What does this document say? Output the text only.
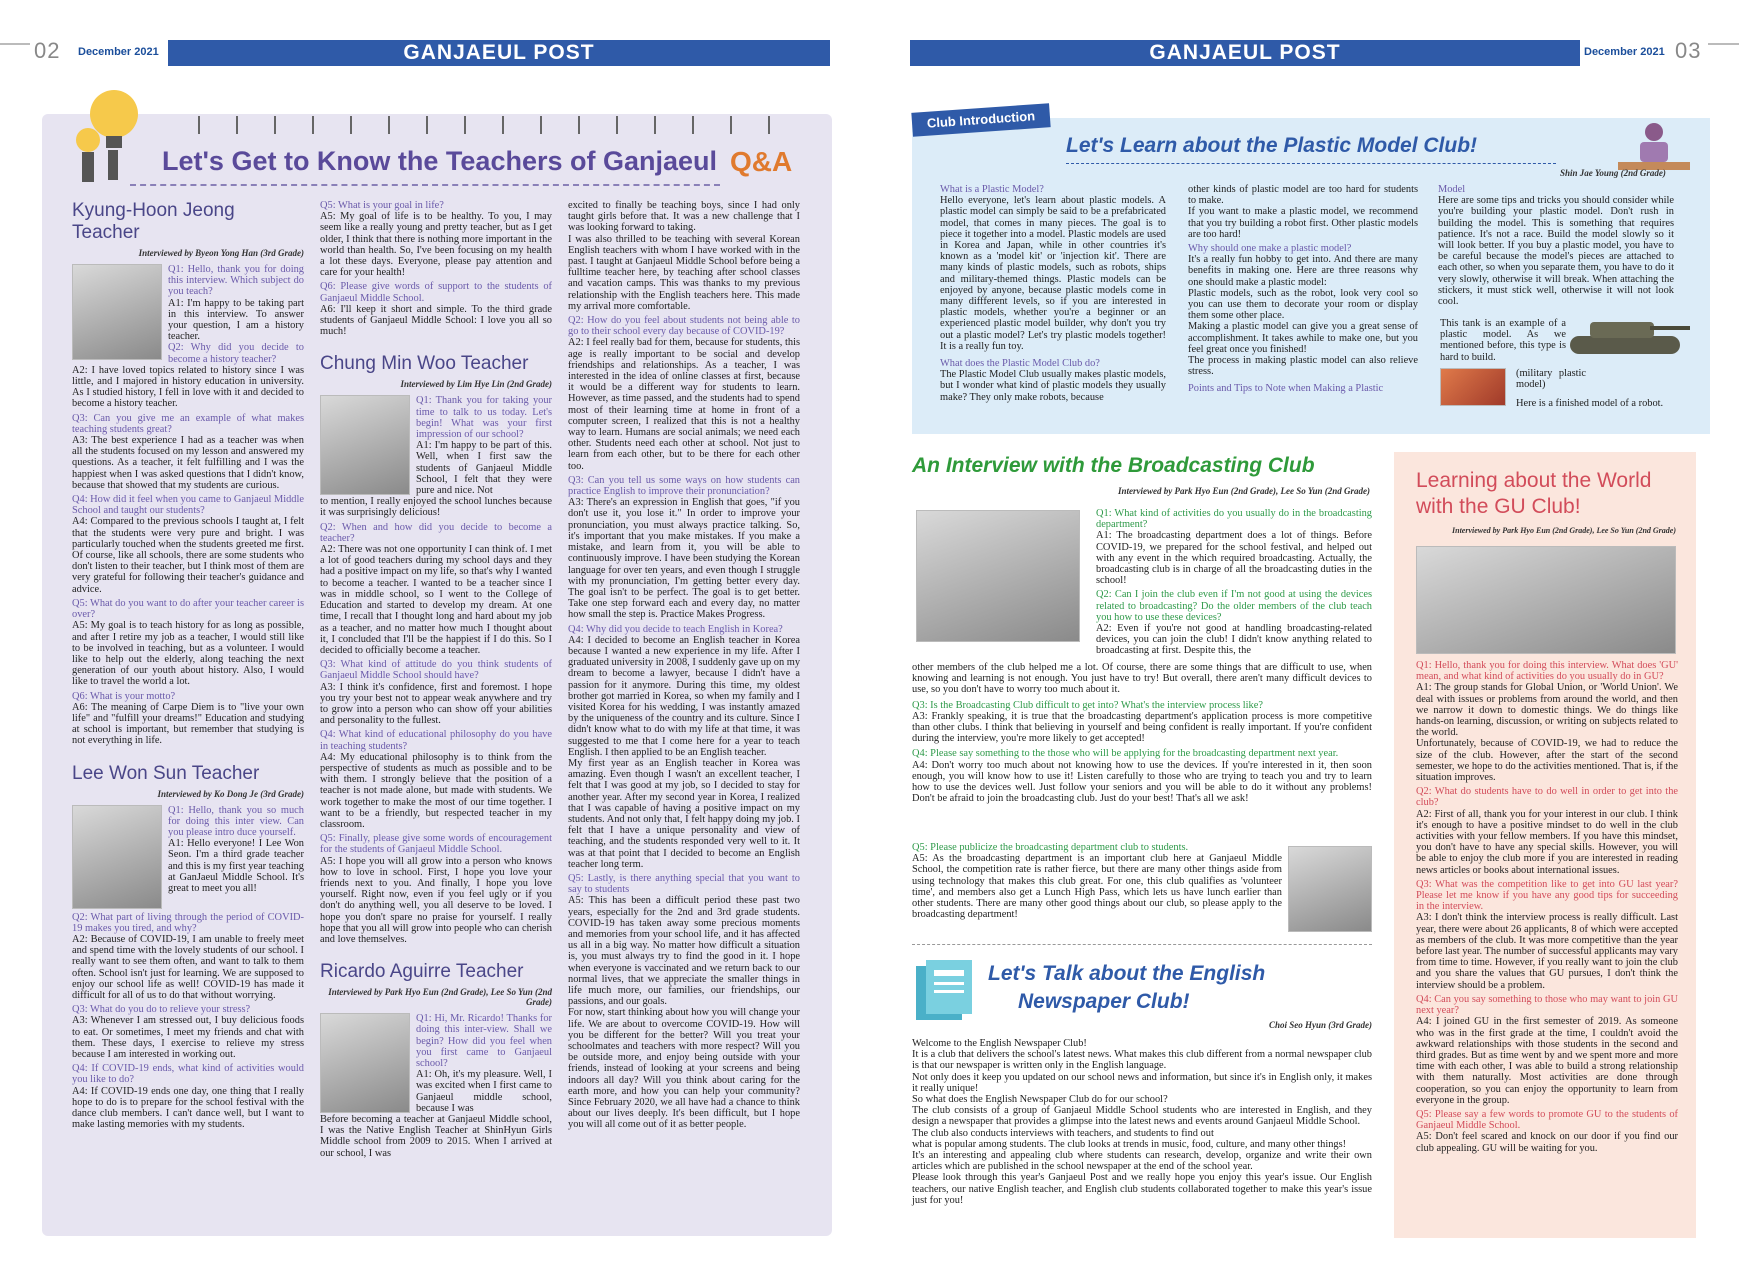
02 December 2021	GANJAEUL POST
Let's Get to Know the Teachers of Ganjaeul Q&A
Kyung-Hoon Jeong Teacher
Interviewed by Byeon Yong Han (3rd Grade)

Q1: Hello, thank you for doing this interview. Which subject do you teach?

A1: I'm happy to be taking part in this interview. To answer your question, I am a history teacher.

Q2: Why did you decide to become a history teacher?

A2: I have loved topics related to history since I was little, and I majored in history education in university. As I studied history, I fell in love with it and decided to become a history teacher.

Q3: Can you give me an example of what makes teaching students great?

A3: The best experience I had as a teacher was when all the students focused on my lesson and answered my questions. As a teacher, it felt fulfilling and I was the happiest when I was asked questions that I didn't know, because that showed that my students are curious.

Q4: How did it feel when you came to Ganjaeul Middle School and taught our students?

A4: Compared to the previous schools I taught at, I felt that the students were very pure and bright. I was particularly touched when the students greeted me first. Of course, like all schools, there are some students who don't listen to their teacher, but I think most of them are very grateful for following their teacher's guidance and advice.

Q5: What do you want to do after your teacher career is over?

A5: My goal is to teach history for as long as possible, and after I retire my job as a teacher, I would still like to be involved in teaching, but as a volunteer. I would like to help out the elderly, along teaching the next generation of our youth about history. Also, I would like to travel the world a lot.

Q6: What is your motto?

A6: The meaning of Carpe Diem is to "live your own life" and "fulfill your dreams!" Education and studying at school is important, but remember that studying is not everything in life.

Lee Won Sun Teacher
Interviewed by Ko Dong Je (3rd Grade)

Q1: Hello, thank you so much for doing this inter view. Can you please intro duce yourself.

A1: Hello everyone! I Lee Won Seon. I'm a third grade teacher and this is my first year teaching at GanJaeul Middle School. It's great to meet you all!

Q2: What part of living through the period of COVID-19 makes you tired, and why?

A2: Because of COVID-19, I am unable to freely meet and spend time with the lovely students of our school. I really want to see them often, and want to talk to them often. School isn't just for learning. We are supposed to enjoy our school life as well! COVID-19 has made it difficult for all of us to do that without worrying.

Q3: What do you do to relieve your stress?

A3: Whenever I am stressed out, I buy delicious foods to eat. Or sometimes, I meet my friends and chat with them. These days, I exercise to relieve my stress because I am interested in working out.

Q4: If COVID-19 ends, what kind of activities would you like to do?

A4: If COVID-19 ends one day, one thing that I really hope to do is to prepare for the school festival with the dance club members. I can't dance well, but I want to make lasting memories with my students.

Q5: What is your goal in life?

A5: My goal of life is to be healthy. To you, I may seem like a really young and pretty teacher, but as I get older, I think that there is nothing more important in the world than health. So, I've been focusing on my health a lot these days. Everyone, please pay attention and care for your health!

Q6: Please give words of support to the students of Ganjaeul Middle School.

A6: I'll keep it short and simple. To the third grade students of Ganjaeul Middle School: I love you all so much!

Chung Min Woo Teacher
Interviewed by Lim Hye Lin (2nd Grade)

Q1: Thank you for taking your time to talk to us today. Let's begin! What was your first impression of our school?

A1: I'm happy to be part of this. Well, when I first saw the students of Ganjaeul Middle School, I felt that they were pure and nice. Not

to mention, I really enjoyed the school lunches because it was surprisingly delicious!

Q2: When and how did you decide to become a teacher?

A2: There was not one opportunity I can think of. I met a lot of good teachers during my school days and they had a positive impact on my life, so that's why I wanted to become a teacher. I wanted to be a teacher since I was in middle school, so I went to the College of Education and started to develop my dream. At one time, I recall that I thought long and hard about my job as a teacher, and no matter how much I thought about it, I concluded that I'll be the happiest if I do this. So I decided to officially become a teacher.

Q3: What kind of attitude do you think students of Ganjaeul Middle School should have?

A3: I think it's confidence, first and foremost. I hope you try your best not to appear weak anywhere and try to grow into a person who can show off your abilities and personality to the fullest.

Q4: What kind of educational philosophy do you have in teaching students?

A4: My educational philosophy is to think from the perspective of students as much as possible and to be with them. I strongly believe that the position of a teacher is not made alone, but made with students. We work together to make the most of our time together. I want to be a friendly, but respected teacher in my classroom.

Q5: Finally, please give some words of encouragement for the students of Ganjaeul Middle School.

A5: I hope you will all grow into a person who knows how to love in school. First, I hope you love your friends next to you. And finally, I hope you love yourself. Right now, even if you feel ugly or if you don't do anything well, you all deserve to be loved. I hope you don't spare no praise for yourself. I really hope that you all will grow into people who can cherish and love themselves.

Ricardo Aguirre Teacher
Interviewed by Park Hyo Eun (2nd Grade), Lee So Yun (2nd Grade)

Q1: Hi, Mr. Ricardo! Thanks for doing this inter-view. Shall we begin? How did you feel when you first came to Ganjaeul school?

A1: Oh, it's my pleasure. Well, I was excited when I first came to Ganjaeul middle school, because I was

Before becoming a teacher at Ganjaeul Middle school, I was the Native English Teacher at ShinHyun Girls Middle school from 2009 to 2015. When I arrived at our school, I was

excited to finally be teaching boys, since I had only taught girls before that. It was a new challenge that I was looking forward to taking.

I was also thrilled to be teaching with several Korean English teachers with whom I have worked with in the past. I taught at Ganjaeul Middle School before being a fulltime teacher here, by teaching after school classes and vacation camps. This was thanks to my previous relationship with the English teachers here. This made my arrival more comfortable.

Q2: How do you feel about students not being able to go to their school every day because of COVID-19?

A2: I feel really bad for them, because for students, this age is really important to be social and develop friendships and relationships. As a teacher, I was interested in the idea of online classes at first, because it would be a different way for students to learn. However, as time passed, and the students had to spend most of their learning time at home in front of a computer screen, I realized that this is not a healthy way to learn. Humans are social animals; we need each other. Students need each other at school. Not just to learn from each other, but to be there for each other too.

Q3: Can you tell us some ways on how students can practice English to improve their pronunciation?

A3: There's an expression in English that goes, "if you don't use it, you lose it." In order to improve your pronunciation, you must always practice talking. So, it's important that you make mistakes. If you make a mistake, and learn from it, you will be able to continuously improve. I have been studying the Korean language for over ten years, and even though I struggle with my pronunciation, I'm getting better every day. The goal isn't to be perfect. The goal is to get better. Take one step forward each and every day, no matter how small the step is. Practice Makes Progress.

Q4: Why did you decide to teach English in Korea?

A4: I decided to become an English teacher in Korea because I wanted a new experience in my life. After I graduated university in 2008, I suddenly gave up on my dream to become a lawyer, because I didn't have a passion for it anymore. During this time, my oldest brother got married in Korea, so when my family and I visited Korea for his wedding, I was instantly amazed by the uniqueness of the country and its culture. Since I didn't know what to do with my life at that time, it was suggested to me that I come here for a year to teach English. I then applied to be an English teacher.

My first year as an English teacher in Korea was amazing. Even though I wasn't an excellent teacher, I felt that I was good at my job, so I decided to stay for another year. After my second year in Korea, I realized that I was capable of having a positive impact on my students. And not only that, I felt happy doing my job. I felt that I have a unique personality and view of teaching, and the students responded very well to it. It was at that point that I decided to become an English teacher long term.

Q5: Lastly, is there anything special that you want to say to students

A5: This has been a difficult period these past two years, especially for the 2nd and 3rd grade students. COVID-19 has taken away some precious moments and memories from your school life, and it has affected us all in a big way. No matter how difficult a situation is, you must always try to find the good in it. I hope when everyone is vaccinated and we return back to our normal lives, that we appreciate the smaller things in life much more, our families, our friendships, our passions, and our goals.

For now, start thinking about how you will change your life. We are about to overcome COVID-19. How will you be different for the better? Will you treat your schoolmates and teachers with more respect? Will you be outside more, and enjoy being outside with your friends, instead of looking at your screens and being indoors all day? Will you think about caring for the earth more, and how you can help your community? Since February 2020, we all have had a chance to think about our lives deeply. It's been difficult, but I hope you will all come out of it as better people.

GANJAEUL POST	December 2021 03
Club Introduction
Let's Learn about the Plastic Model Club!
Shin Jae Young (2nd Grade)

What is a Plastic Model?

Hello everyone, let's learn about plastic models. A plastic model can simply be said to be a prefabricated model, that comes in many pieces. The goal is to piece it together into a model. Plastic models are used in Korea and Japan, while in other countries it's known as a 'model kit' or 'injection kit'. There are many kinds of plastic models, such as robots, ships and military-themed things. Plastic models can be enjoyed by anyone, because plastic models come in many diffferent levels, so if you are interested in plastic models, whether you're a beginner or an experienced plastic model builder, why don't you try out a plastic model? Let's try plastic models together! It is a really fun toy.

What does the Plastic Model Club do?

The Plastic Model Club usually makes plastic models, but I wonder what kind of plastic models they usually make? They only make robots, because

other kinds of plastic model are too hard for students to make.

If you want to make a plastic model, we recommend that you try building a robot first. Other plastic models are too hard!

Why should one make a plastic model?

It's a really fun hobby to get into. And there are many benefits in making one. Here are three reasons why one should make a plastic model:

Plastic models, such as the robot, look very cool so you can use them to decorate your room or display them some other place.

Making a plastic model can give you a great sense of accomplishment. It takes awhile to make one, but you feel great once you finished!

The process in making plastic model can also relieve stress.

Points and Tips to Note when Making a Plastic

Model

Here are some tips and tricks you should consider while you're building your plastic model. Don't rush in building the model. This is something that requires patience. It's not a race. Build the model slowly so it will look better. If you buy a plastic model, you have to be careful because the model's pieces are attached to each other, so when you separate them, you have to do it very slowly, otherwise it will break. When attaching the stickers, it must stick well, otherwise it will not look cool.

This tank is an example of a plastic model. As we mentioned before, this type is hard to build.
(military plastic model)
Here is a finished model of a robot.
An Interview with the Broadcasting Club
Interviewed by Park Hyo Eun (2nd Grade), Lee So Yun (2nd Grade)

Q1: What kind of activities do you usually do in the broadcasting department?

A1: The broadcasting department does a lot of things. Before COVID-19, we prepared for the school festival, and helped out with any event in the which required broadcasting. Actually, the broadcasting club is in charge of all the broadcasting duties in the school!

Q2: Can I join the club even if I'm not good at using the devices related to broadcasting? Do the older members of the club teach you how to use these devices?

A2: Even if you're not good at handling broadcasting-related devices, you can join the club! I didn't know anything related to broadcasting at first. Despite this, the

other members of the club helped me a lot. Of course, there are some things that are difficult to use, when knowing and learning is not enough. You just have to try! But overall, there aren't many difficult devices to use, so you don't have to worry too much about it.

Q3: Is the Broadcasting Club difficult to get into? What's the interview process like?

A3: Frankly speaking, it is true that the broadcasting department's application process is more competitive than other clubs. I think that believing in yourself and being confident is really important. If you're confident during the interview, you're more likely to get accepted!

Q4: Please say something to the those who will be applying for the broadcasting department next year.

A4: Don't worry too much about not knowing how to use the devices. If you're interested in it, then soon enough, you will know how to use it! Listen carefully to those who are trying to teach you and try to learn how to use the devices well. Just follow your seniors and you will be able to do it without any problems! Don't be afraid to join the broadcasting club. Just do your best! That's all we ask!

Q5: Please publicize the broadcasting department club to students.

A5: As the broadcasting department is an important club here at Ganjaeul Middle School, the competition rate is rather fierce, but there are many other things aside from using technology that makes this club great. For one, this club qualifies as 'volunteer time', and members also get a Lunch High Pass, which lets us have lunch earlier than other students. There are many other good things about our club, so please apply to the broadcasting department!

Let's Talk about the English
Newspaper Club!
Choi Seo Hyun (3rd Grade)

Welcome to the English Newspaper Club!

It is a club that delivers the school's latest news. What makes this club different from a normal newspaper club is that our newspaper is written only in the English language.

Not only does it keep you updated on our school news and information, but since it's in English only, it makes it really unique!

So what does the English Newspaper Club do for our school?

The club consists of a group of Ganjaeul Middle School students who are interested in English, and they design a newspaper that provides a glimpse into the latest news and events around Ganjaeul Middle School.

The club also conducts interviews with teachers, and students to find out

what is popular among students. The club looks at trends in music, food, culture, and many other things!

It's an interesting and appealing club where students can research, develop, organize and write their own articles which are published in the school newspaper at the end of the school year.

Please look through this year's Ganjaeul Post and we really hope you enjoy this year's issue. Our English teachers, our native English teacher, and English club students collaborated together to make this year's issue just for you!

Learning about the World
with the GU Club!
Interviewed by Park Hyo Eun (2nd Grade), Lee So Yun (2nd Grade)

Q1: Hello, thank you for doing this interview. What does 'GU' mean, and what kind of activities do you usually do in GU?

A1: The group stands for Global Union, or 'World Union'. We deal with issues or problems from around the world, and then we narrow it down to domestic things. We do things like hands-on learning, discussion, or writing on subjects related to the world.

Unfortunately, because of COVID-19, we had to reduce the size of the club. However, after the start of the second semester, we hope to do the activities mentioned. That is, if the situation improves.

Q2: What do students have to do well in order to get into the club?

A2: First of all, thank you for your interest in our club. I think it's enough to have a positive mindset to do well in the club activities with your fellow members. If you have this mindset, you don't have to have any special skills. However, you will be able to enjoy the club more if you are interested in reading news articles or books about international issues.

Q3: What was the competition like to get into GU last year? Please let me know if you have any good tips for succeeding in the interview.

A3: I don't think the interview process is really difficult. Last year, there were about 26 applicants, 8 of which were accepted as members of the club. It was more competitive than the year before last year. The number of successful applicants may vary from time to time. However, if you really want to join the club and you share the values that GU pursues, I don't think the interview should be a problem.

Q4: Can you say something to those who may want to join GU next year?

A4: I joined GU in the first semester of 2019. As someone who was in the first grade at the time, I couldn't avoid the awkward relationships with those students in the second and third grades. But as time went by and we spent more and more time with each other, I was able to build a strong relationship with them naturally. Most activities are done through cooperation, so you can enjoy the opportunity to learn from everyone in the group.

Q5: Please say a few words to promote GU to the students of Ganjaeul Middle School.

A5: Don't feel scared and knock on our door if you find our club appealing. GU will be waiting for you.
